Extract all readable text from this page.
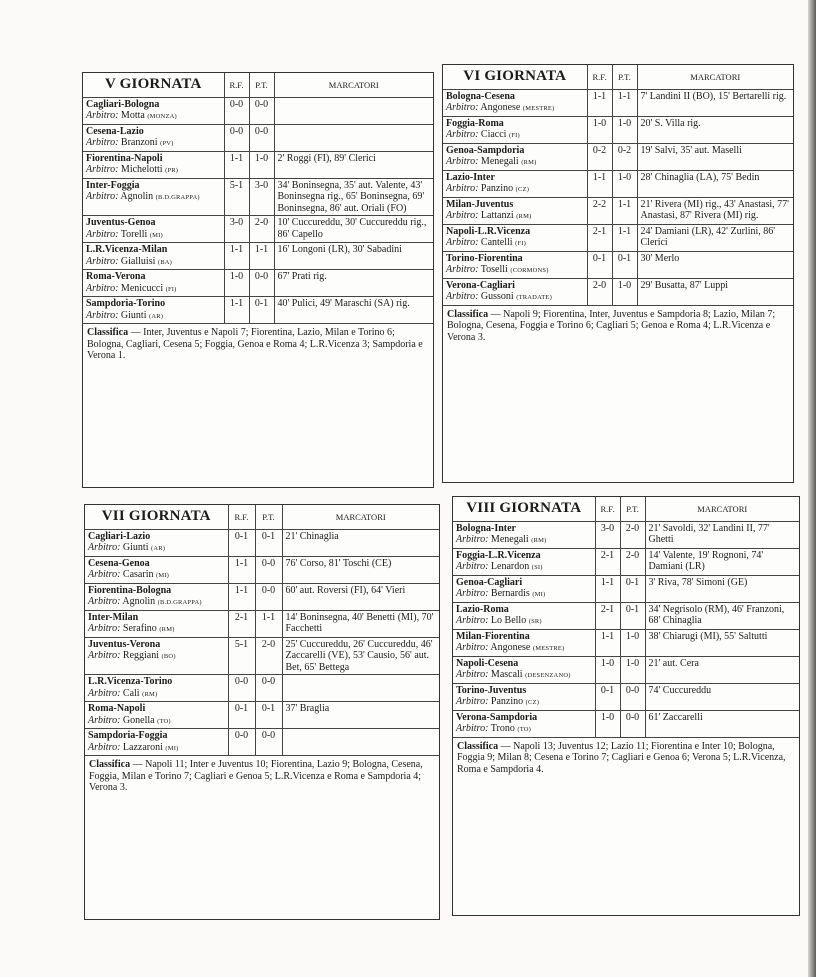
V GIORNATA	R.F.	P.T.	MARCATORI

Cagliari-Bologna
Arbitro: Motta (MONZA)	0-0	0-0	

Cesena-Lazio
Arbitro: Branzoni (PV)	0-0	0-0	

Fiorentina-Napoli
Arbitro: Michelotti (PR)	1-1	1-0	2' Roggi (FI), 89' Clerici

Inter-Foggia
Arbitro: Agnolin (B.D.GRAPPA)	5-1	3-0	34' Boninsegna, 35' aut. Valente, 43' Boninsegna rig., 65' Boninsegna, 69' Boninsegna, 86' aut. Oriali (FO)

Juventus-Genoa
Arbitro: Torelli (MI)	3-0	2-0	10' Cuccureddu, 30' Cuccureddu rig., 86' Capello

L.R.Vicenza-Milan
Arbitro: Gialluisi (BA)	1-1	1-1	16' Longoni (LR), 30' Sabadini

Roma-Verona
Arbitro: Menicucci (FI)	1-0	0-0	67' Prati rig.

Sampdoria-Torino
Arbitro: Giunti (AR)	1-1	0-1	40' Pulici, 49' Maraschi (SA) rig.
Classifica — Inter, Juventus e Napoli 7; Fiorentina, Lazio, Milan e Torino 6; Bologna, Cagliari, Cesena 5; Foggia, Genoa e Roma 4; L.R.Vicenza 3; Sampdoria e Verona 1.
VI GIORNATA	R.F.	P.T.	MARCATORI

Bologna-Cesena
Arbitro: Angonese (MESTRE)	1-1	1-1	7' Landini II (BO), 15' Bertarelli rig.

Foggia-Roma
Arbitro: Ciacci (FI)	1-0	1-0	20' S. Villa rig.

Genoa-Sampdoria
Arbitro: Menegali (RM)	0-2	0-2	19' Salvi, 35' aut. Maselli

Lazio-Inter
Arbitro: Panzino (CZ)	1-1	1-0	28' Chinaglia (LA), 75' Bedin

Milan-Juventus
Arbitro: Lattanzi (RM)	2-2	1-1	21' Rivera (MI) rig., 43' Anastasi, 77' Anastasi, 87' Rivera (MI) rig.

Napoli-L.R.Vicenza
Arbitro: Cantelli (FI)	2-1	1-1	24' Damiani (LR), 42' Zurlini, 86' Clerici

Torino-Fiorentina
Arbitro: Toselli (CORMONS)	0-1	0-1	30' Merlo

Verona-Cagliari
Arbitro: Gussoni (TRADATE)	2-0	1-0	29' Busatta, 87' Luppi
Classifica — Napoli 9; Fiorentina, Inter, Juventus e Sampdoria 8; Lazio, Milan 7; Bologna, Cesena, Foggia e Torino 6; Cagliari 5; Genoa e Roma 4; L.R.Vicenza e Verona 3.
VII GIORNATA	R.F.	P.T.	MARCATORI

Cagliari-Lazio
Arbitro: Giunti (AR)	0-1	0-1	21' Chinaglia

Cesena-Genoa
Arbitro: Casarin (MI)	1-1	0-0	76' Corso, 81' Toschi (CE)

Fiorentina-Bologna
Arbitro: Agnolin (B.D.GRAPPA)	1-1	0-0	60' aut. Roversi (FI), 64' Vieri

Inter-Milan
Arbitro: Serafino (RM)	2-1	1-1	14' Boninsegna, 40' Benetti (MI), 70' Facchetti

Juventus-Verona
Arbitro: Reggiani (BO)	5-1	2-0	25' Cuccureddu, 26' Cuccureddu, 46' Zaccarelli (VE), 53' Causio, 56' aut. Bet, 65' Bettega

L.R.Vicenza-Torino
Arbitro: Calì (RM)	0-0	0-0	

Roma-Napoli
Arbitro: Gonella (TO)	0-1	0-1	37' Braglia

Sampdoria-Foggia
Arbitro: Lazzaroni (MI)	0-0	0-0	
Classifica — Napoli 11; Inter e Juventus 10; Fiorentina, Lazio 9; Bologna, Cesena, Foggia, Milan e Torino 7; Cagliari e Genoa 5; L.R.Vicenza e Roma e Sampdoria 4; Verona 3.
VIII GIORNATA	R.F.	P.T.	MARCATORI

Bologna-Inter
Arbitro: Menegali (RM)	3-0	2-0	21' Savoldi, 32' Landini II, 77' Ghetti

Foggia-L.R.Vicenza
Arbitro: Lenardon (SI)	2-1	2-0	14' Valente, 19' Rognoni, 74' Damiani (LR)

Genoa-Cagliari
Arbitro: Bernardis (MI)	1-1	0-1	3' Riva, 78' Simoni (GE)

Lazio-Roma
Arbitro: Lo Bello (SR)	2-1	0-1	34' Negrisolo (RM), 46' Franzoni, 68' Chinaglia

Milan-Fiorentina
Arbitro: Angonese (MESTRE)	1-1	1-0	38' Chiarugi (MI), 55' Saltutti

Napoli-Cesena
Arbitro: Mascali (DESENZANO)	1-0	1-0	21' aut. Cera

Torino-Juventus
Arbitro: Panzino (CZ)	0-1	0-0	74' Cuccureddu

Verona-Sampdoria
Arbitro: Trono (TO)	1-0	0-0	61' Zaccarelli
Classifica — Napoli 13; Juventus 12; Lazio 11; Fiorentina e Inter 10; Bologna, Foggia 9; Milan 8; Cesena e Torino 7; Cagliari e Genoa 6; Verona 5; L.R.Vicenza, Roma e Sampdoria 4.
